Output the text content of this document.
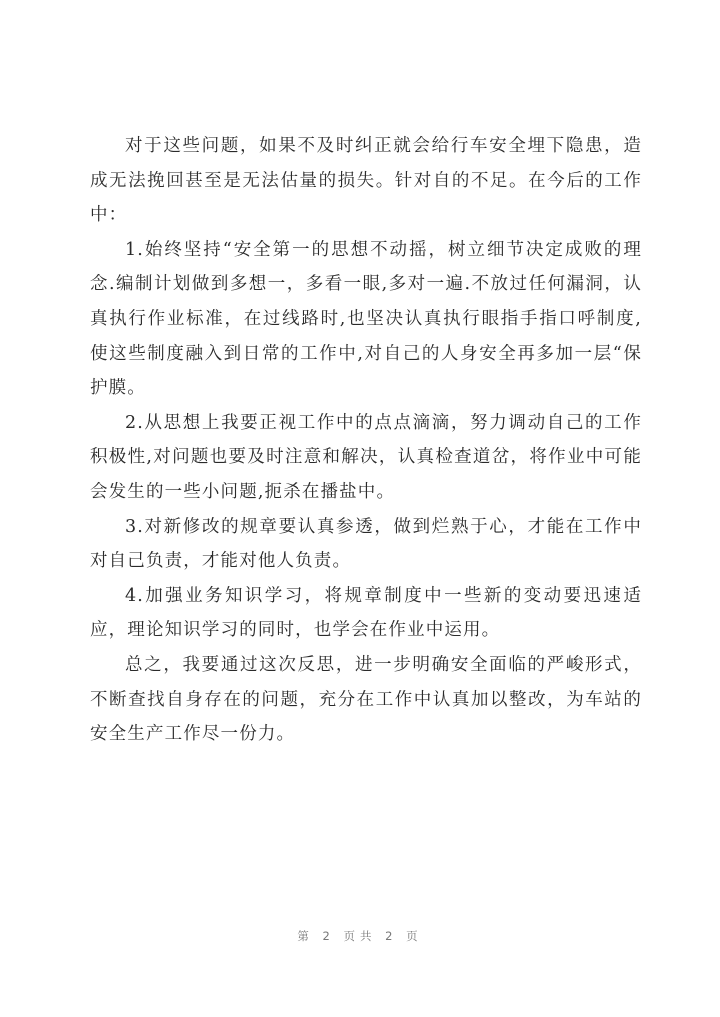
对于这些问题，如果不及时纠正就会给行车安全埋下隐患，造成无法挽回甚至是无法估量的损失。针对自的不足。在今后的工作中：

1.始终坚持“安全第一的思想不动摇，树立细节决定成败的理念.编制计划做到多想一，多看一眼,多对一遍.不放过任何漏洞，认真执行作业标准，在过线路时,也坚决认真执行眼指手指口呼制度,使这些制度融入到日常的工作中,对自己的人身安全再多加一层“保护膜。

2.从思想上我要正视工作中的点点滴滴，努力调动自己的工作积极性,对问题也要及时注意和解决，认真检查道岔，将作业中可能会发生的一些小问题,扼杀在播盐中。

3.对新修改的规章要认真参透，做到烂熟于心，才能在工作中对自己负责，才能对他人负责。

4.加强业务知识学习，将规章制度中一些新的变动要迅速适应，理论知识学习的同时，也学会在作业中运用。

总之，我要通过这次反思，进一步明确安全面临的严峻形式，不断查找自身存在的问题，充分在工作中认真加以整改，为车站的安全生产工作尽一份力。

第 2 页共 2 页
